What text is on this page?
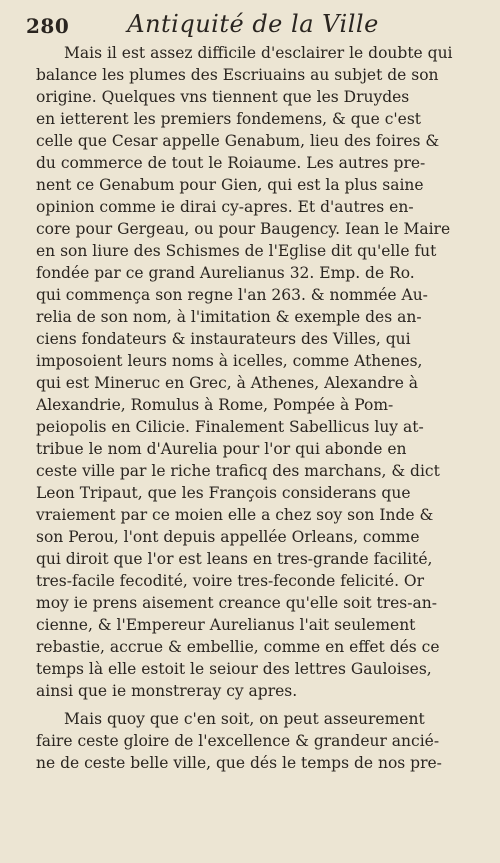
280	Antiquité de la Ville
Mais il est assez difficile d'esclairer le doubte qui
balance les plumes des Escriuains au subjet de son
origine. Quelques vns tiennent que les Druydes
en ietterent les premiers fondemens, & que c'est
celle que Cesar appelle Genabum, lieu des foires &
du commerce de tout le Roiaume. Les autres pre-
nent ce Genabum pour Gien, qui est la plus saine
opinion comme ie dirai cy-apres. Et d'autres en-
core pour Gergeau, ou pour Baugency. Iean le Maire
en son liure des Schismes de l'Eglise dit qu'elle fut
fondée par ce grand Aurelianus 32. Emp. de Ro.
qui commença son regne l'an 263. & nommée Au-
relia de son nom, à l'imitation & exemple des an-
ciens fondateurs & instaurateurs des Villes, qui
imposoient leurs noms à icelles, comme Athenes,
qui est Mineruc en Grec, à Athenes, Alexandre à
Alexandrie, Romulus à Rome, Pompée à Pom-
peiopolis en Cilicie. Finalement Sabellicus luy at-
tribue le nom d'Aurelia pour l'or qui abonde en
ceste ville par le riche traficq des marchans, & dict
Leon Tripaut, que les François considerans que
vraiement par ce moien elle a chez soy son Inde &
son Perou, l'ont depuis appellée Orleans, comme
qui diroit que l'or est leans en tres-grande facilité,
tres-facile fecodité, voire tres-feconde felicité. Or
moy ie prens aisement creance qu'elle soit tres-an-
cienne, & l'Empereur Aurelianus l'ait seulement
rebastie, accrue & embellie, comme en effet dés ce
temps là elle estoit le seiour des lettres Gauloises,
ainsi que ie monstreray cy apres.
Mais quoy que c'en soit, on peut asseurement
faire ceste gloire de l'excellence & grandeur ancié-
ne de ceste belle ville, que dés le temps de nos pre-
